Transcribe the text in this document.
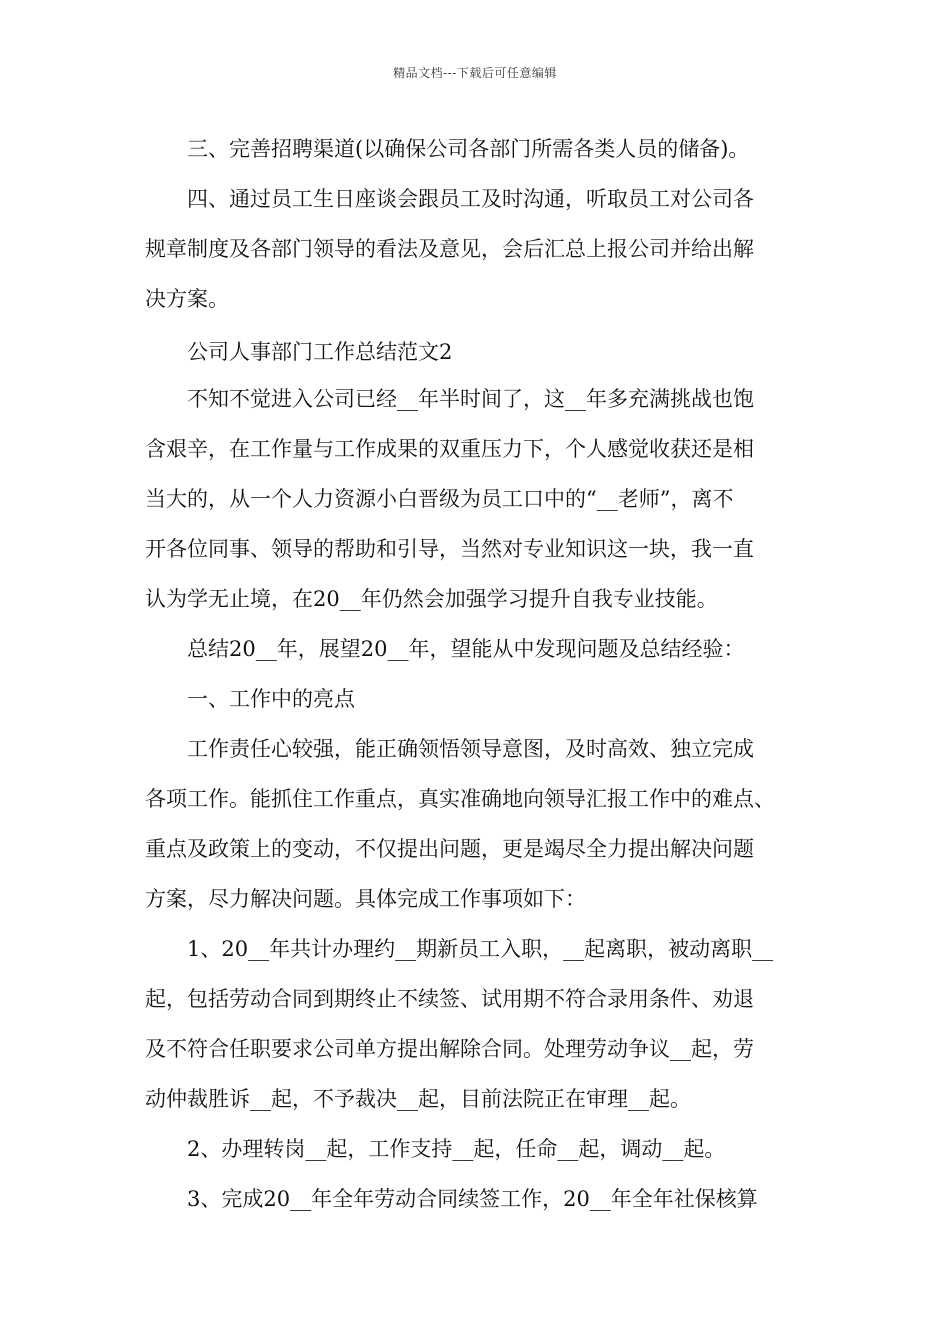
精品文档---下载后可任意编辑
　　三、完善招聘渠道(以确保公司各部门所需各类人员的储备)。
　　四、通过员工生日座谈会跟员工及时沟通，听取员工对公司各
规章制度及各部门领导的看法及意见，会后汇总上报公司并给出解
决方案。
　　公司人事部门工作总结范文2
　　不知不觉进入公司已经__年半时间了，这__年多充满挑战也饱
含艰辛，在工作量与工作成果的双重压力下，个人感觉收获还是相
当大的，从一个人力资源小白晋级为员工口中的“__老师”，离不
开各位同事、领导的帮助和引导，当然对专业知识这一块，我一直
认为学无止境，在20__年仍然会加强学习提升自我专业技能。
　　总结20__年，展望20__年，望能从中发现问题及总结经验：
　　一、工作中的亮点
　　工作责任心较强，能正确领悟领导意图，及时高效、独立完成
各项工作。能抓住工作重点，真实准确地向领导汇报工作中的难点、
重点及政策上的变动，不仅提出问题，更是竭尽全力提出解决问题
方案，尽力解决问题。具体完成工作事项如下：
　　1、20__年共计办理约__期新员工入职，__起离职，被动离职__
起，包括劳动合同到期终止不续签、试用期不符合录用条件、劝退
及不符合任职要求公司单方提出解除合同。处理劳动争议__起，劳
动仲裁胜诉__起，不予裁决__起，目前法院正在审理__起。
　　2、办理转岗__起，工作支持__起，任命__起，调动__起。
　　3、完成20__年全年劳动合同续签工作，20__年全年社保核算
